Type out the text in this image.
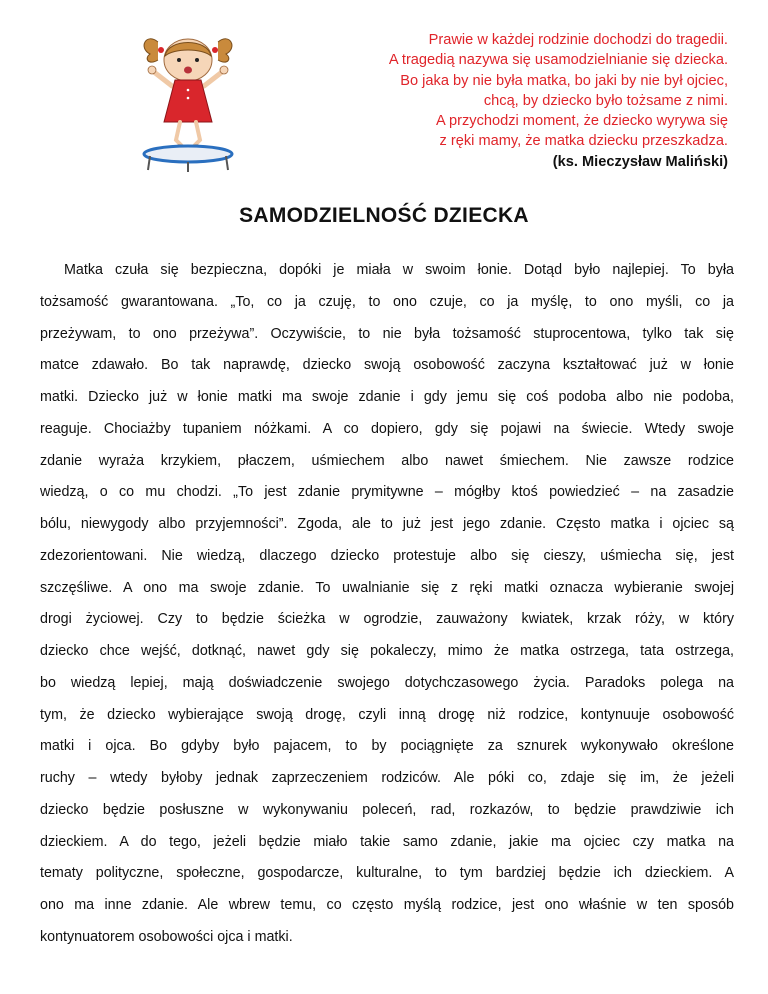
Prawie w każdej rodzinie dochodzi do tragedii.
A tragedią nazywa się usamodzielnianie się dziecka.
Bo jaka by nie była matka, bo jaki by nie był ojciec,
chcą, by dziecko było tożsame z nimi.
A przychodzi moment, że dziecko wyrywa się
z ręki mamy, że matka dziecku przeszkadza.
(ks. Mieczysław Maliński)
SAMODZIELNOŚĆ DZIECKA
Matka czuła się bezpieczna, dopóki je miała w swoim łonie. Dotąd było najlepiej. To była
tożsamość gwarantowana. „To, co ja czuję, to ono czuje, co ja myślę, to ono myśli, co ja
przeżywam, to ono przeżywa”. Oczywiście, to nie była tożsamość stuprocentowa, tylko tak się
matce zdawało. Bo tak naprawdę, dziecko swoją osobowość zaczyna kształtować już w łonie
matki. Dziecko już w łonie matki ma swoje zdanie i gdy jemu się coś podoba albo nie podoba,
reaguje. Chociażby tupaniem nóżkami. A co dopiero, gdy się pojawi na świecie. Wtedy swoje
zdanie wyraża krzykiem, płaczem, uśmiechem albo nawet śmiechem. Nie zawsze rodzice
wiedzą, o co mu chodzi. „To jest zdanie prymitywne – mógłby ktoś powiedzieć – na zasadzie
bólu, niewygody albo przyjemności”. Zgoda, ale to już jest jego zdanie. Często matka i ojciec są
zdezorientowani. Nie wiedzą, dlaczego dziecko protestuje albo się cieszy, uśmiecha się, jest
szczęśliwe. A ono ma swoje zdanie. To uwalnianie się z ręki matki oznacza wybieranie swojej
drogi życiowej. Czy to będzie ścieżka w ogrodzie, zauważony kwiatek, krzak róży, w który
dziecko chce wejść, dotknąć, nawet gdy się pokaleczy, mimo że matka ostrzega, tata ostrzega,
bo wiedzą lepiej, mają doświadczenie swojego dotychczasowego życia. Paradoks polega na
tym, że dziecko wybierające swoją drogę, czyli inną drogę niż rodzice, kontynuuje osobowość
matki i ojca. Bo gdyby było pajacem, to by pociągnięte za sznurek wykonywało określone
ruchy – wtedy byłoby jednak zaprzeczeniem rodziców. Ale póki co, zdaje się im, że jeżeli
dziecko będzie posłuszne w wykonywaniu poleceń, rad, rozkazów, to będzie prawdziwie ich
dzieckiem. A do tego, jeżeli będzie miało takie samo zdanie, jakie ma ojciec czy matka na
tematy polityczne, społeczne, gospodarcze, kulturalne, to tym bardziej będzie ich dzieckiem. A
ono ma inne zdanie. Ale wbrew temu, co często myślą rodzice, jest ono właśnie w ten sposób
kontynuatorem osobowości ojca i matki.
